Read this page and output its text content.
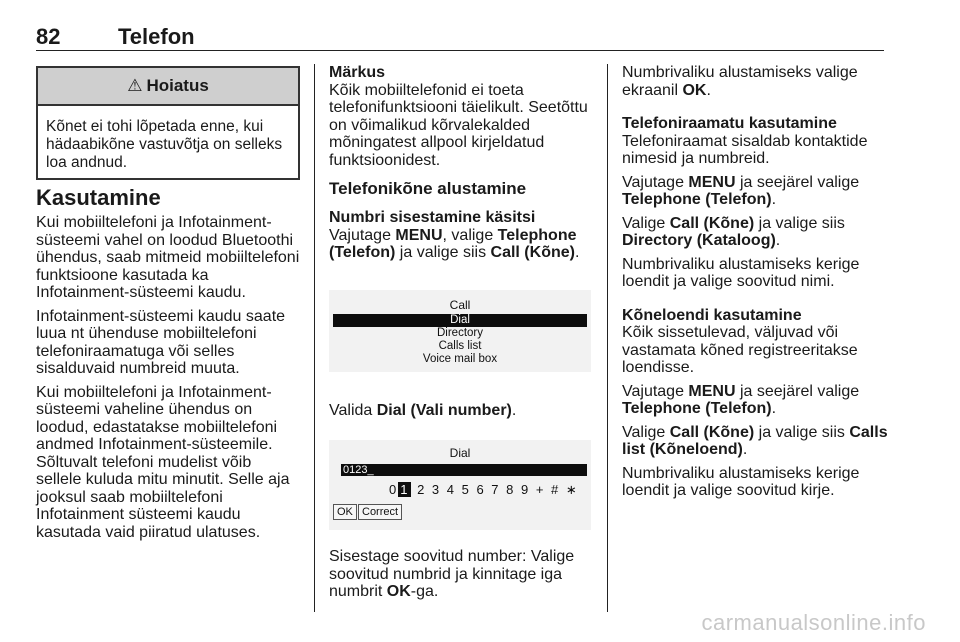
82	Telefon
⚠ Hoiatus
Kõnet ei tohi lõpetada enne, kui hädaabikõne vastuvõtja on selleks loa andnud.
Kasutamine

Kui mobiiltelefoni ja Infotainment-süsteemi vahel on loodud Bluetoothi ühendus, saab mitmeid mobiiltelefoni funktsioone kasutada ka Infotainment-süsteemi kaudu.

Infotainment-süsteemi kaudu saate luua nt ühenduse mobiiltelefoni telefoniraamatuga või selles sisalduvaid numbreid muuta.

Kui mobiiltelefoni ja Infotainment-süsteemi vaheline ühendus on loodud, edastatakse mobiiltelefoni andmed Infotainment-süsteemile. Sõltuvalt telefoni mudelist võib sellele kuluda mitu minutit. Selle aja jooksul saab mobiiltelefoni Infotainment süsteemi kaudu kasutada vaid piiratud ulatuses.

Märkus

Kõik mobiiltelefonid ei toeta telefonifunktsiooni täielikult. Seetõttu on võimalikud kõrvalekalded mõningatest allpool kirjeldatud funktsioonidest.

Telefonikõne alustamine
Numbri sisestamine käsitsi

Vajutage MENU, valige Telephone (Telefon) ja valige siis Call (Kõne).

Call
Dial
Directory
Calls list
Voice mail box

Valida Dial (Vali number).

Dial
0123_
0 1 2 3 4 5 6 7 8 9 + # ∗
OK Correct

Sisestage soovitud number: Valige soovitud numbrid ja kinnitage iga numbrit OK-ga.

Numbrivaliku alustamiseks valige ekraanil OK.

Telefoniraamatu kasutamine

Telefoniraamat sisaldab kontaktide nimesid ja numbreid.

Vajutage MENU ja seejärel valige Telephone (Telefon).

Valige Call (Kõne) ja valige siis Directory (Kataloog).

Numbrivaliku alustamiseks kerige loendit ja valige soovitud nimi.

Kõneloendi kasutamine

Kõik sissetulevad, väljuvad või vastamata kõned registreeritakse loendisse.

Vajutage MENU ja seejärel valige Telephone (Telefon).

Valige Call (Kõne) ja valige siis Calls list (Kõneloend).

Numbrivaliku alustamiseks kerige loendit ja valige soovitud kirje.

carmanualsonline.info
